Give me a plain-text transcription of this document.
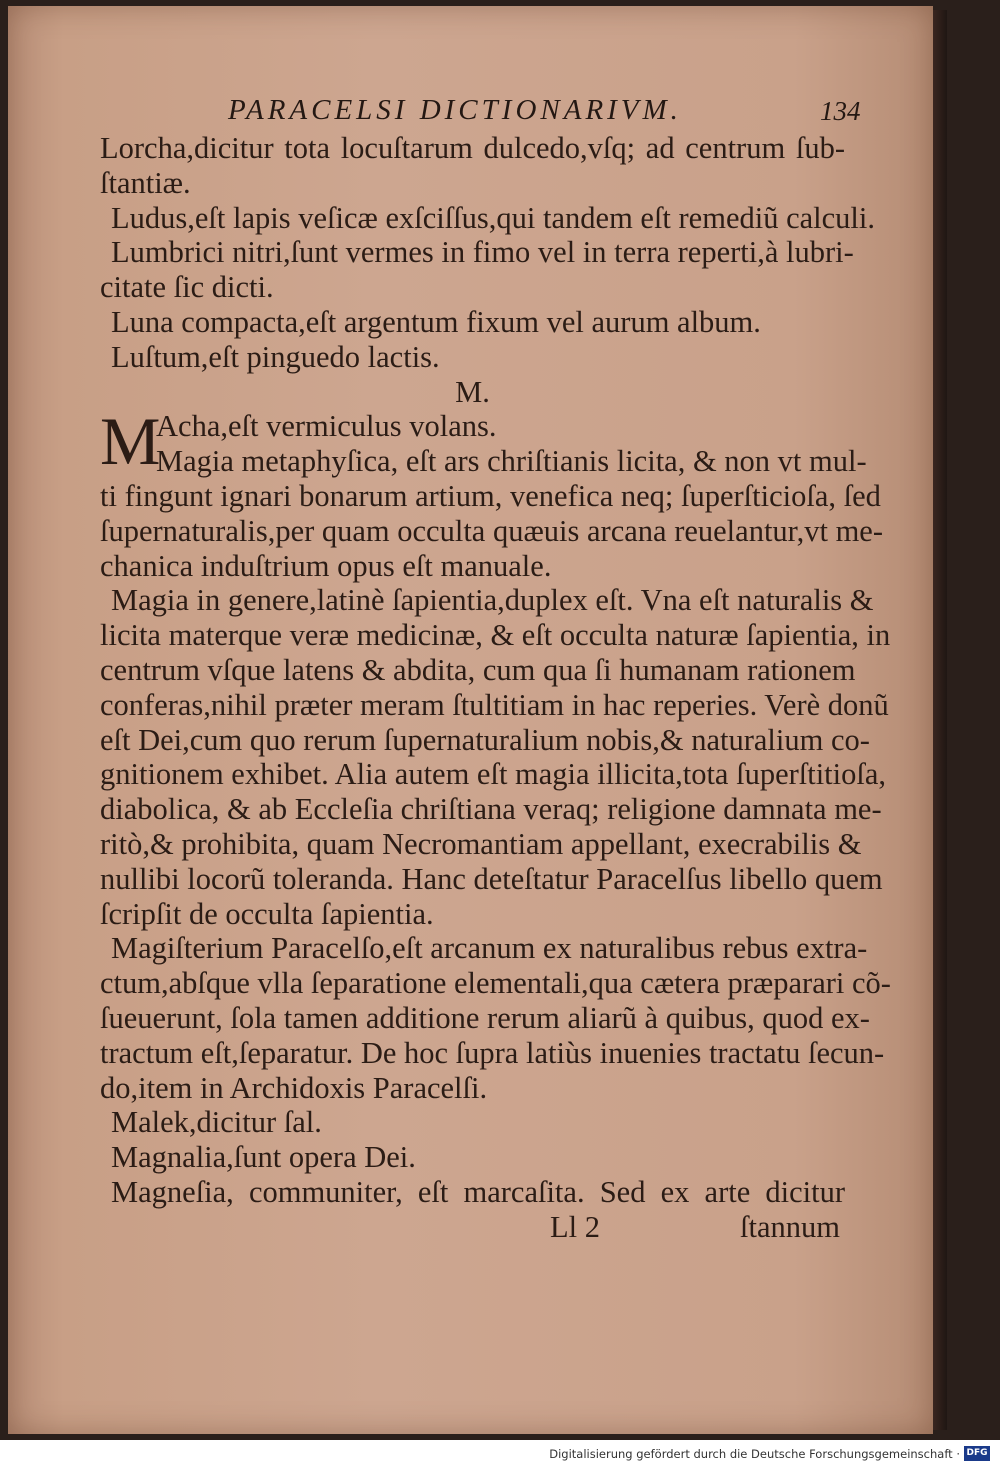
PARACELSI DICTIONARIVM.	134
Lorcha,dicitur tota locuſtarum dulcedo,vſq; ad centrum ſub-
ſtantiæ.
Ludus,eſt lapis veſicæ exſciſſus,qui tandem eſt remediũ calculi.
Lumbrici nitri,ſunt vermes in fimo vel in terra reperti,à lubri-
citate ſic dicti.
Luna compacta,eſt argentum fixum vel aurum album.
Luſtum,eſt pinguedo lactis.
M.
M
Acha,eſt vermiculus volans.
Magia metaphyſica, eſt ars chriſtianis licita, & non vt mul-
ti fingunt ignari bonarum artium, venefica neq; ſuperſticioſa, ſed
ſupernaturalis,per quam occulta quæuis arcana reuelantur,vt me-
chanica induſtrium opus eſt manuale.
Magia in genere,latinè ſapientia,duplex eſt. Vna eſt naturalis &
licita materque veræ medicinæ, & eſt occulta naturæ ſapientia, in
centrum vſque latens & abdita, cum qua ſi humanam rationem
conferas,nihil præter meram ſtultitiam in hac reperies. Verè donũ
eſt Dei,cum quo rerum ſupernaturalium nobis,& naturalium co-
gnitionem exhibet. Alia autem eſt magia illicita,tota ſuperſtitioſa,
diabolica, & ab Eccleſia chriſtiana veraq; religione damnata me-
ritò,& prohibita, quam Necromantiam appellant, execrabilis &
nullibi locorũ toleranda. Hanc deteſtatur Paracelſus libello quem
ſcripſit de occulta ſapientia.
Magiſterium Paracelſo,eſt arcanum ex naturalibus rebus extra-
ctum,abſque vlla ſeparatione elementali,qua cætera præparari cõ-
ſueuerunt, ſola tamen additione rerum aliarũ à quibus, quod ex-
tractum eſt,ſeparatur. De hoc ſupra latiùs inuenies tractatu ſecun-
do,item in Archidoxis Paracelſi.
Malek,dicitur ſal.
Magnalia,ſunt opera Dei.
Magneſia, communiter, eſt marcaſita. Sed ex arte dicitur
Ll 2	ſtannum
Digitalisierung gefördert durch die Deutsche Forschungsgemeinschaft · DFG
